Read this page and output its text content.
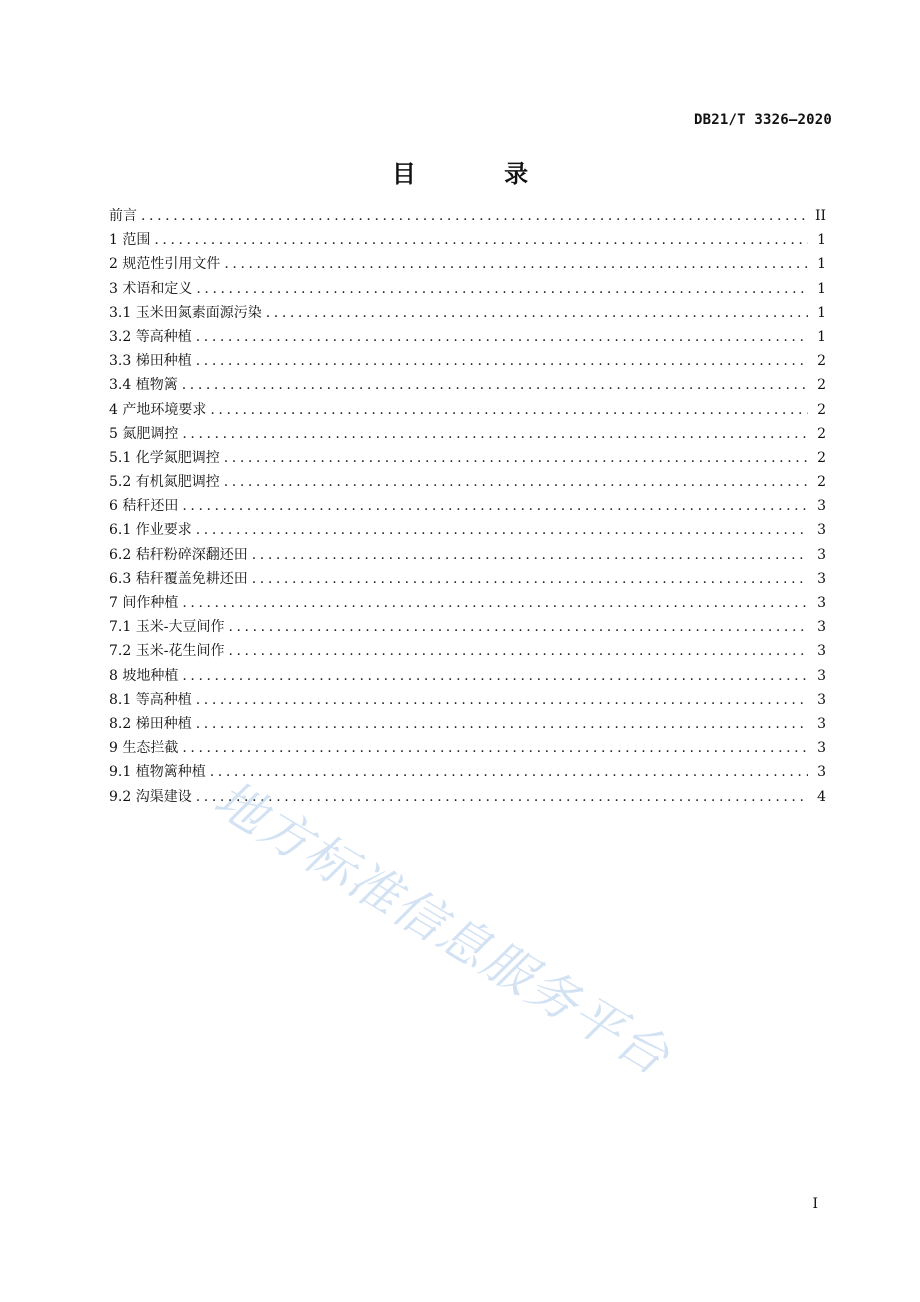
DB21/T 3326—2020
目 录
前言 .....	II
1 范围 .....	1
2 规范性引用文件 .....	1
3 术语和定义 .....	1
3.1 玉米田氮素面源污染 .....	1
3.2 等高种植 .....	1
3.3 梯田种植 .....	2
3.4 植物篱 .....	2
4 产地环境要求 .....	2
5 氮肥调控 .....	2
5.1 化学氮肥调控 .....	2
5.2 有机氮肥调控 .....	2
6 秸秆还田 .....	3
6.1 作业要求 .....	3
6.2 秸秆粉碎深翻还田 .....	3
6.3 秸秆覆盖免耕还田 .....	3
7 间作种植 .....	3
7.1 玉米-大豆间作 .....	3
7.2 玉米-花生间作 .....	3
8 坡地种植 .....	3
8.1 等高种植 .....	3
8.2 梯田种植 .....	3
9 生态拦截 .....	3
9.1 植物篱种植 .....	3
9.2 沟渠建设 .....	4
地方标准信息服务平台
I
